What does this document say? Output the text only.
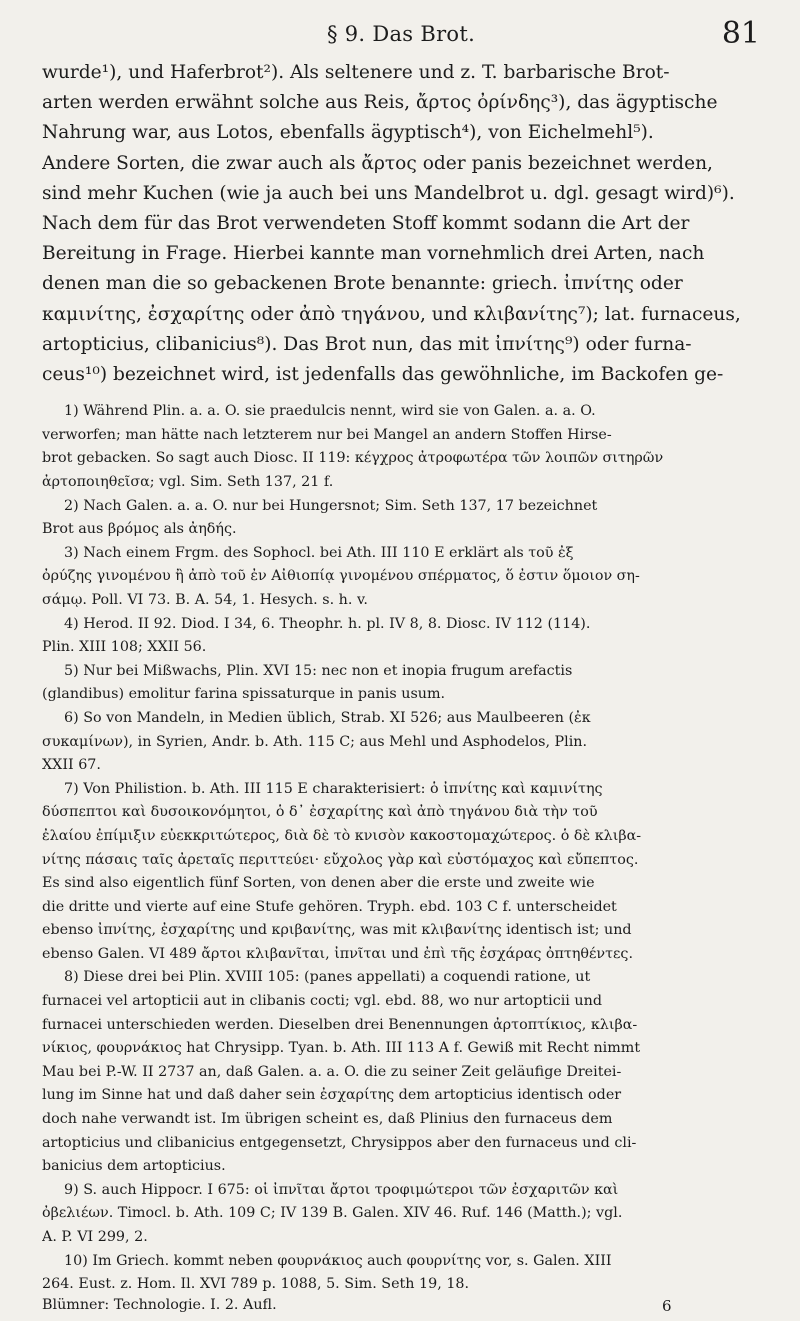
§ 9. Das Brot.	81
wurde¹), und Haferbrot²). Als seltenere und z. T. barbarische Brot-
arten werden erwähnt solche aus Reis, ἄρτος ὀρίνδης³), das ägyptische
Nahrung war, aus Lotos, ebenfalls ägyptisch⁴), von Eichelmehl⁵).
Andere Sorten, die zwar auch als ἄρτος oder panis bezeichnet werden,
sind mehr Kuchen (wie ja auch bei uns Mandelbrot u. dgl. gesagt wird)⁶).
Nach dem für das Brot verwendeten Stoff kommt sodann die Art der
Bereitung in Frage. Hierbei kannte man vornehmlich drei Arten, nach
denen man die so gebackenen Brote benannte: griech. ἰπνίτης oder
καμινίτης, ἐσχαρίτης oder ἀπὸ τηγάνου, und κλιβανίτης⁷); lat. furnaceus,
artopticius, clibanicius⁸). Das Brot nun, das mit ἰπνίτης⁹) oder furna-
ceus¹⁰) bezeichnet wird, ist jedenfalls das gewöhnliche, im Backofen ge-
1) Während Plin. a. a. O. sie praedulcis nennt, wird sie von Galen. a. a. O.
verworfen; man hätte nach letzterem nur bei Mangel an andern Stoffen Hirse-
brot gebacken. So sagt auch Diosc. II 119: κέγχρος ἀτροφωτέρα τῶν λοιπῶν σιτηρῶν
ἀρτοποιηθεῖσα; vgl. Sim. Seth 137, 21 f.
2) Nach Galen. a. a. O. nur bei Hungersnot; Sim. Seth 137, 17 bezeichnet
Brot aus βρόμος als ἀηδής.
3) Nach einem Frgm. des Sophocl. bei Ath. III 110 E erklärt als τοῦ ἐξ
ὀρύζης γινομένου ἢ ἀπὸ τοῦ ἐν Αἰθιοπίᾳ γινομένου σπέρματος, ὅ ἐστιν ὅμοιον ση-
σάμῳ. Poll. VI 73. B. A. 54, 1. Hesych. s. h. v.
4) Herod. II 92. Diod. I 34, 6. Theophr. h. pl. IV 8, 8. Diosc. IV 112 (114).
Plin. XIII 108; XXII 56.
5) Nur bei Mißwachs, Plin. XVI 15: nec non et inopia frugum arefactis
(glandibus) emolitur farina spissaturque in panis usum.
6) So von Mandeln, in Medien üblich, Strab. XI 526; aus Maulbeeren (ἐκ
συκαμίνων), in Syrien, Andr. b. Ath. 115 C; aus Mehl und Asphodelos, Plin.
XXII 67.
7) Von Philistion. b. Ath. III 115 E charakterisiert: ὁ ἰπνίτης καὶ καμινίτης
δύσπεπτοι καὶ δυσοικονόμητοι, ὁ δ᾽ ἐσχαρίτης καὶ ἀπὸ τηγάνου διὰ τὴν τοῦ
ἐλαίου ἐπίμιξιν εὐεκκριτώτερος, διὰ δὲ τὸ κνισὸν κακοστομαχώτερος. ὁ δὲ κλιβα-
νίτης πάσαις ταῖς ἀρεταῖς περιττεύει· εὔχολος γὰρ καὶ εὐστόμαχος καὶ εὔπεπτος.
Es sind also eigentlich fünf Sorten, von denen aber die erste und zweite wie
die dritte und vierte auf eine Stufe gehören. Tryph. ebd. 103 C f. unterscheidet
ebenso ἰπνίτης, ἐσχαρίτης und κριβανίτης, was mit κλιβανίτης identisch ist; und
ebenso Galen. VI 489 ἄρτοι κλιβανῖται, ἰπνῖται und ἐπὶ τῆς ἐσχάρας ὀπτηθέντες.
8) Diese drei bei Plin. XVIII 105: (panes appellati) a coquendi ratione, ut
furnacei vel artopticii aut in clibanis cocti; vgl. ebd. 88, wo nur artopticii und
furnacei unterschieden werden. Dieselben drei Benennungen ἀρτοπτίκιος, κλιβα-
νίκιος, φουρνάκιος hat Chrysipp. Tyan. b. Ath. III 113 A f. Gewiß mit Recht nimmt
Mau bei P.-W. II 2737 an, daß Galen. a. a. O. die zu seiner Zeit geläufige Dreitei-
lung im Sinne hat und daß daher sein ἐσχαρίτης dem artopticius identisch oder
doch nahe verwandt ist. Im übrigen scheint es, daß Plinius den furnaceus dem
artopticius und clibanicius entgegensetzt, Chrysippos aber den furnaceus und cli-
banicius dem artopticius.
9) S. auch Hippocr. I 675: οἱ ἰπνῖται ἄρτοι τροφιμώτεροι τῶν ἐσχαριτῶν καὶ
ὀβελιέων. Timocl. b. Ath. 109 C; IV 139 B. Galen. XIV 46. Ruf. 146 (Matth.); vgl.
A. P. VI 299, 2.
10) Im Griech. kommt neben φουρνάκιος auch φουρνίτης vor, s. Galen. XIII
264. Eust. z. Hom. Il. XVI 789 p. 1088, 5. Sim. Seth 19, 18.
Blümner: Technologie. I. 2. Aufl.	6
